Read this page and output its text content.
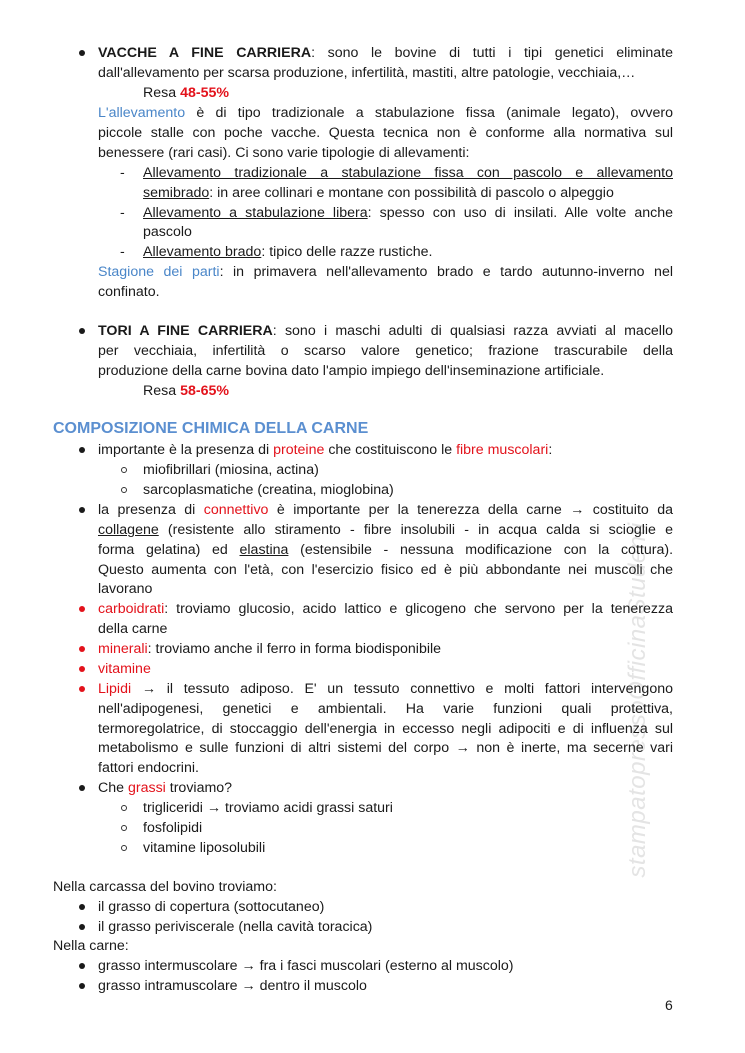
stampatopressoOfficinaStudenti
VACCHE A FINE CARRIERA: sono le bovine di tutti i tipi genetici eliminate
dall'allevamento per scarsa produzione, infertilità, mastiti, altre patologie, vecchiaia,…
Resa 48-55%
L'allevamento è di tipo tradizionale a stabulazione fissa (animale legato), ovvero
piccole stalle con poche vacche. Questa tecnica non è conforme alla normativa sul
benessere (rari casi). Ci sono varie tipologie di allevamenti:
- Allevamento tradizionale a stabulazione fissa con pascolo e allevamento
semibrado: in aree collinari e montane con possibilità di pascolo o alpeggio
- Allevamento a stabulazione libera: spesso con uso di insilati. Alle volte anche
pascolo
- Allevamento brado: tipico delle razze rustiche.
Stagione dei parti: in primavera nell'allevamento brado e tardo autunno-inverno nel
confinato.
TORI A FINE CARRIERA: sono i maschi adulti di qualsiasi razza avviati al macello
per vecchiaia, infertilità o scarso valore genetico; frazione trascurabile della
produzione della carne bovina dato l'ampio impiego dell'inseminazione artificiale.
Resa 58-65%
COMPOSIZIONE CHIMICA DELLA CARNE
importante è la presenza di proteine che costituiscono le fibre muscolari:
miofibrillari (miosina, actina)
sarcoplasmatiche (creatina, mioglobina)
la presenza di connettivo è importante per la tenerezza della carne → costituito da
collagene (resistente allo stiramento - fibre insolubili - in acqua calda si scioglie e
forma gelatina) ed elastina (estensibile - nessuna modificazione con la cottura).
Questo aumenta con l'età, con l'esercizio fisico ed è più abbondante nei muscoli che
lavorano
carboidrati: troviamo glucosio, acido lattico e glicogeno che servono per la tenerezza
della carne
minerali: troviamo anche il ferro in forma biodisponibile
vitamine
Lipidi → il tessuto adiposo. E' un tessuto connettivo e molti fattori intervengono
nell'adipogenesi, genetici e ambientali. Ha varie funzioni quali protettiva,
termoregolatrice, di stoccaggio dell'energia in eccesso negli adipociti e di influenza sul
metabolismo e sulle funzioni di altri sistemi del corpo → non è inerte, ma secerne vari
fattori endocrini.
Che grassi troviamo?
trigliceridi → troviamo acidi grassi saturi
fosfolipidi
vitamine liposolubili
Nella carcassa del bovino troviamo:
il grasso di copertura (sottocutaneo)
il grasso periviscerale (nella cavità toracica)
Nella carne:
grasso intermuscolare → fra i fasci muscolari (esterno al muscolo)
grasso intramuscolare → dentro il muscolo
6
